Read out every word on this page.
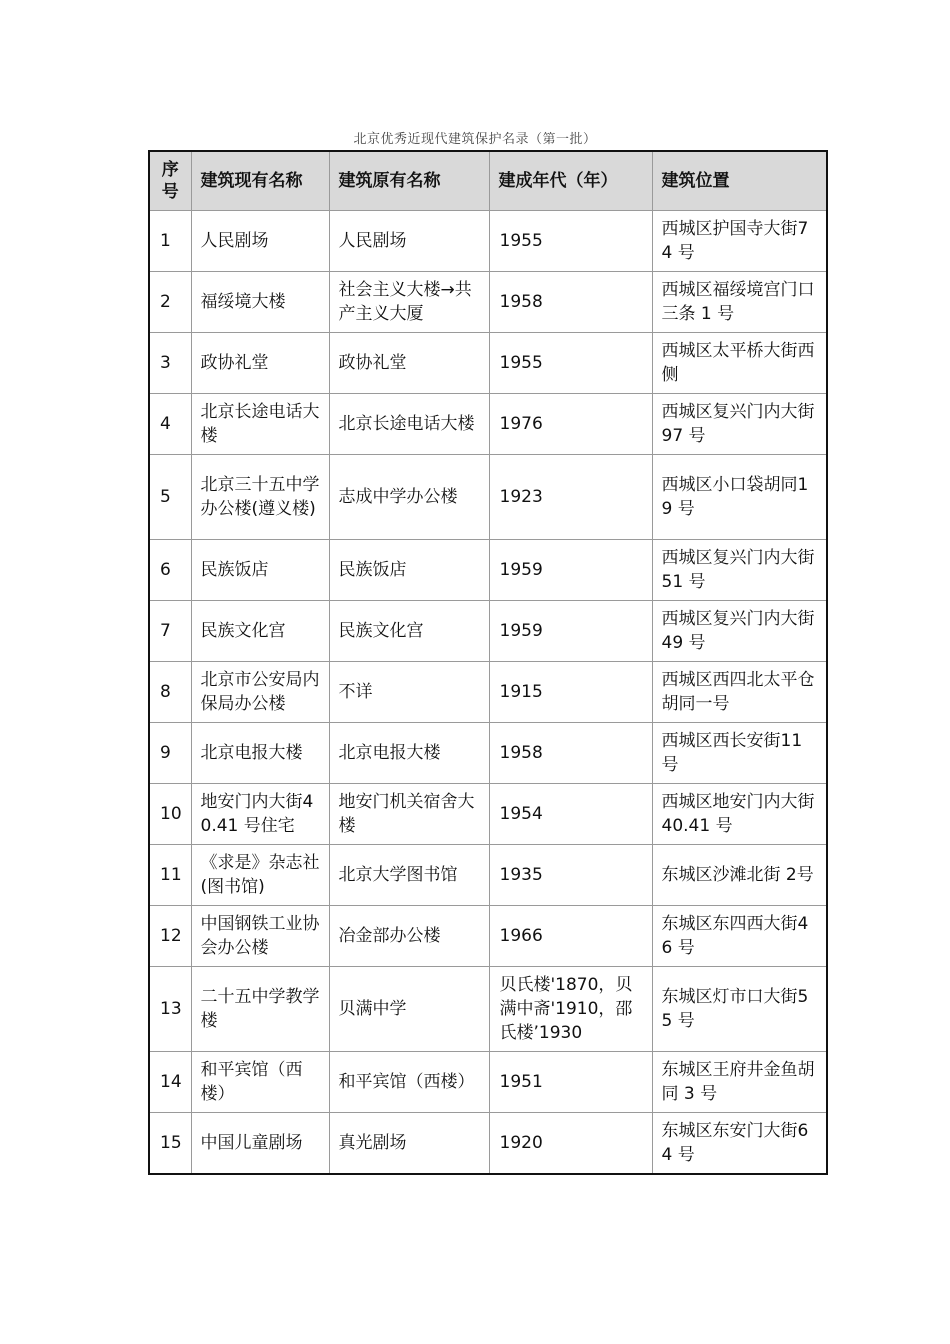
北京优秀近现代建筑保护名录（第一批）
序号	建筑现有名称	建筑原有名称	建成年代（年）	建筑位置
1	人民剧场	人民剧场	1955	西城区护国寺大街74 号
2	福绥境大楼	社会主义大楼→共产主义大厦	1958	西城区福绥境宫门口三条 1 号
3	政协礼堂	政协礼堂	1955	西城区太平桥大街西侧
4	北京长途电话大楼	北京长途电话大楼	1976	西城区复兴门内大街 97 号
5	北京三十五中学办公楼(遵义楼)	志成中学办公楼	1923	西城区小口袋胡同19 号
6	民族饭店	民族饭店	1959	西城区复兴门内大街 51 号
7	民族文化宫	民族文化宫	1959	西城区复兴门内大街 49 号
8	北京市公安局内保局办公楼	不详	1915	西城区西四北太平仓胡同一号
9	北京电报大楼	北京电报大楼	1958	西城区西长安街11 号
10	地安门内大街40.41 号住宅	地安门机关宿舍大楼	1954	西城区地安门内大街 40.41 号
11	《求是》杂志社(图书馆)	北京大学图书馆	1935	东城区沙滩北街 2号
12	中国钢铁工业协会办公楼	冶金部办公楼	1966	东城区东四西大街46 号
13	二十五中学教学楼	贝满中学	贝氏楼'1870，贝满中斋'1910，邵氏楼’1930	东城区灯市口大街55 号
14	和平宾馆（西楼）	和平宾馆（西楼）	1951	东城区王府井金鱼胡同 3 号
15	中国儿童剧场	真光剧场	1920	东城区东安门大街64 号
